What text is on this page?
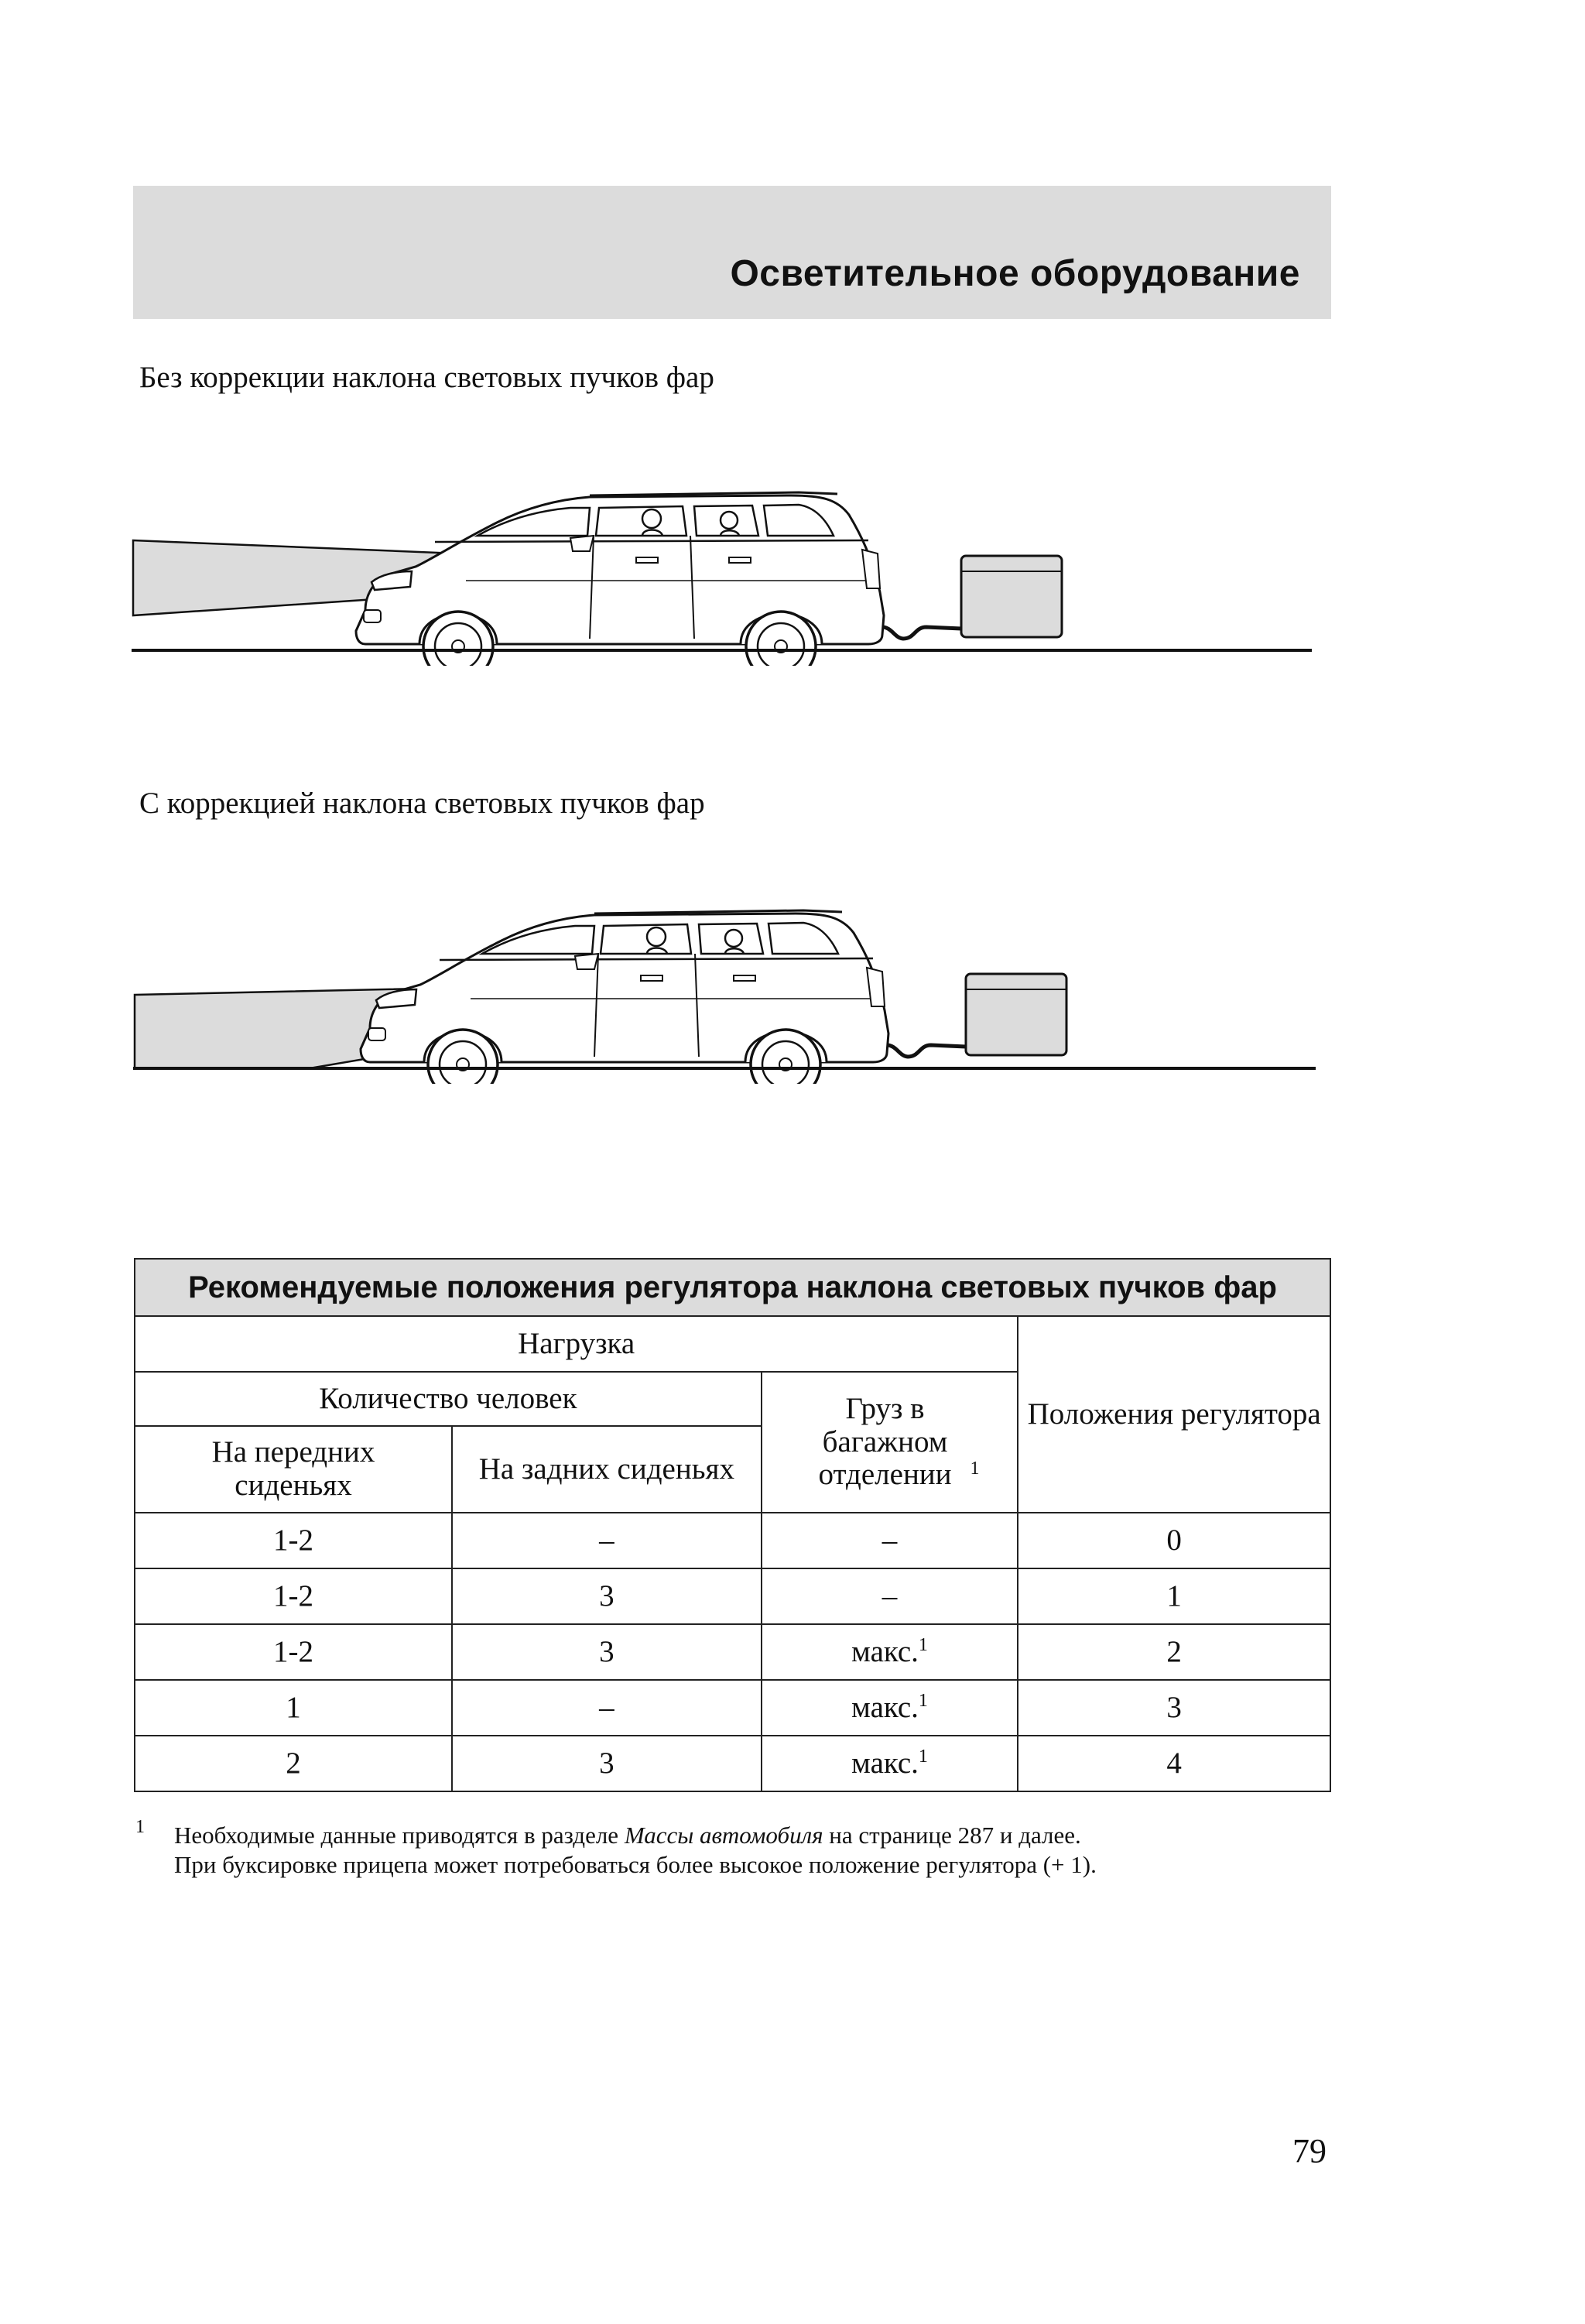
Осветительное оборудование
Без коррекции наклона световых пучков фар
С коррекцией наклона световых пучков фар
Рекомендуемые положения регулятора наклона световых пучков фар			
Нагрузка			Положения регулятора
Количество человек		Груз в багажном отделении $^1$
На передних сиденьях	На задних сиденьях		
1-2	–	–	0
1-2	3	–	1
1-2	3	макс.$^1$	2
1	–	макс.$^1$	3
2	3	макс.$^1$	4
1 Необходимые данные приводятся в разделе Массы автомобиля на странице 287 и далее.
При буксировке прицепа может потребоваться более высокое положение регулятора (+ 1).
79
